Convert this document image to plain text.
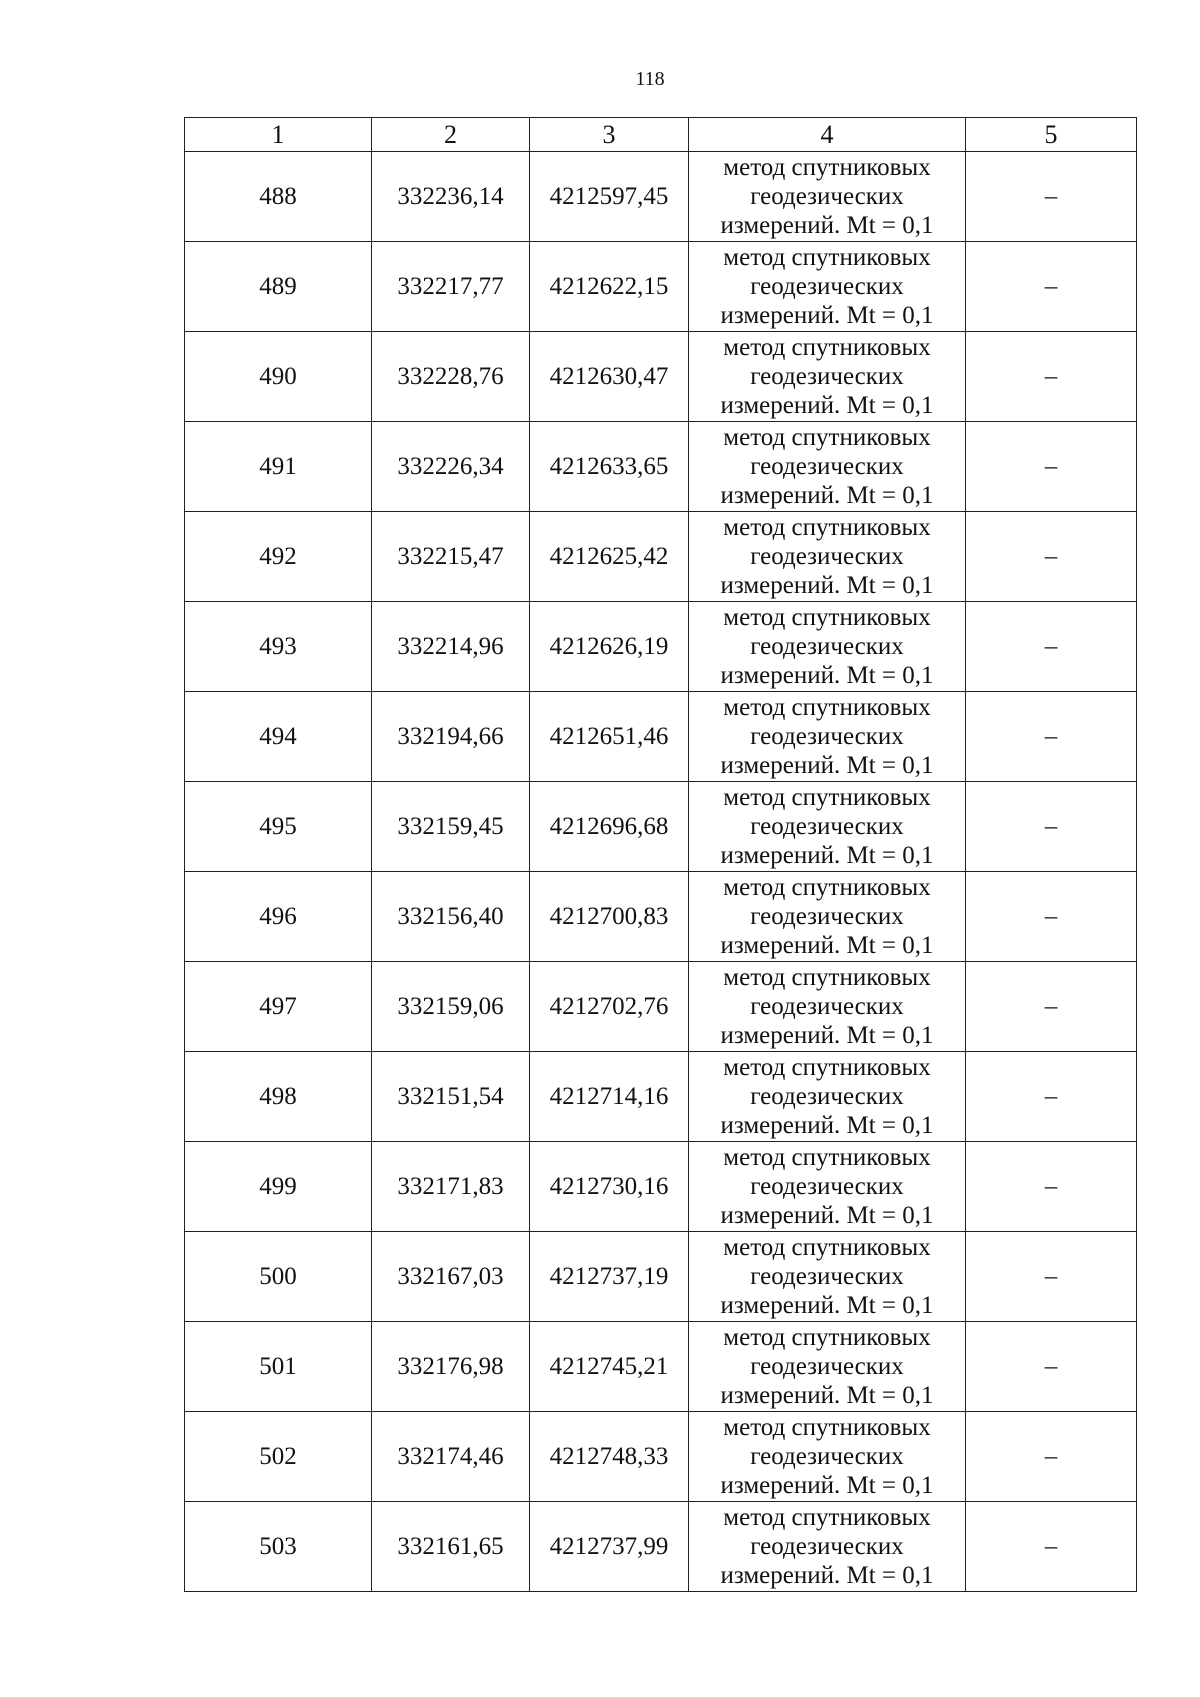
118
1	2	3	4	5
488	332236,14	4212597,45	метод спутниковых
геодезических
измерений. Mt = 0,1	–
489	332217,77	4212622,15	метод спутниковых
геодезических
измерений. Mt = 0,1	–
490	332228,76	4212630,47	метод спутниковых
геодезических
измерений. Mt = 0,1	–
491	332226,34	4212633,65	метод спутниковых
геодезических
измерений. Mt = 0,1	–
492	332215,47	4212625,42	метод спутниковых
геодезических
измерений. Mt = 0,1	–
493	332214,96	4212626,19	метод спутниковых
геодезических
измерений. Mt = 0,1	–
494	332194,66	4212651,46	метод спутниковых
геодезических
измерений. Mt = 0,1	–
495	332159,45	4212696,68	метод спутниковых
геодезических
измерений. Mt = 0,1	–
496	332156,40	4212700,83	метод спутниковых
геодезических
измерений. Mt = 0,1	–
497	332159,06	4212702,76	метод спутниковых
геодезических
измерений. Mt = 0,1	–
498	332151,54	4212714,16	метод спутниковых
геодезических
измерений. Mt = 0,1	–
499	332171,83	4212730,16	метод спутниковых
геодезических
измерений. Mt = 0,1	–
500	332167,03	4212737,19	метод спутниковых
геодезических
измерений. Mt = 0,1	–
501	332176,98	4212745,21	метод спутниковых
геодезических
измерений. Mt = 0,1	–
502	332174,46	4212748,33	метод спутниковых
геодезических
измерений. Mt = 0,1	–
503	332161,65	4212737,99	метод спутниковых
геодезических
измерений. Mt = 0,1	–
